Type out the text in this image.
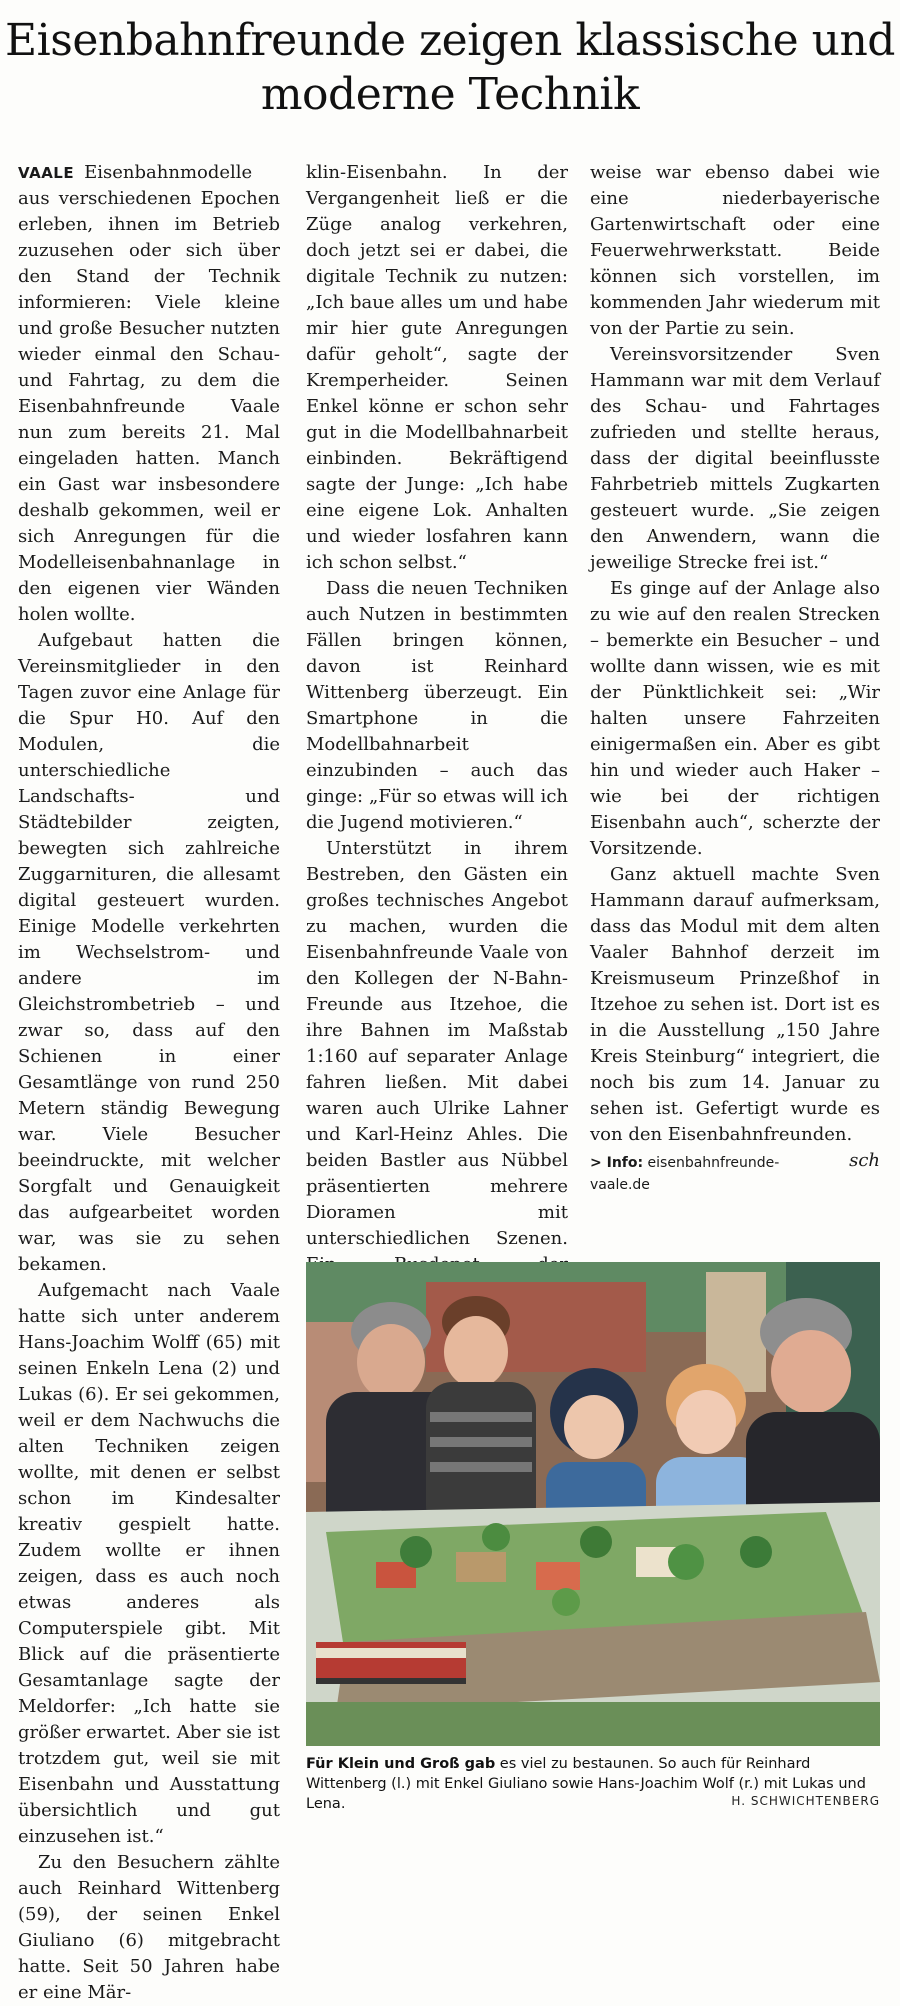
Eisenbahnfreunde zeigen klassische und moderne Technik

VAALE Eisenbahnmodelle aus verschiedenen Epochen erleben, ihnen im Betrieb zuzusehen oder sich über den Stand der Technik informieren: Viele kleine und große Besucher nutzten wieder einmal den Schau- und Fahrtag, zu dem die Eisenbahnfreunde Vaale nun zum bereits 21. Mal eingeladen hatten. Manch ein Gast war insbesondere deshalb gekommen, weil er sich Anregungen für die Modelleisenbahnanlage in den eigenen vier Wänden holen wollte.

Aufgebaut hatten die Vereinsmitglieder in den Tagen zuvor eine Anlage für die Spur H0. Auf den Modulen, die unterschiedliche Landschafts- und Städtebilder zeigten, bewegten sich zahlreiche Zuggarnituren, die allesamt digital gesteuert wurden. Einige Modelle verkehrten im Wechselstrom- und andere im Gleichstrombetrieb – und zwar so, dass auf den Schienen in einer Gesamtlänge von rund 250 Metern ständig Bewegung war. Viele Besucher beeindruckte, mit welcher Sorgfalt und Genauigkeit das aufgearbeitet worden war, was sie zu sehen bekamen.

Aufgemacht nach Vaale hatte sich unter anderem Hans-Joachim Wolff (65) mit seinen Enkeln Lena (2) und Lukas (6). Er sei gekommen, weil er dem Nachwuchs die alten Techniken zeigen wollte, mit denen er selbst schon im Kindesalter kreativ gespielt hatte. Zudem wollte er ihnen zeigen, dass es auch noch etwas anderes als Computerspiele gibt. Mit Blick auf die präsentierte Gesamtanlage sagte der Meldorfer: „Ich hatte sie größer erwartet. Aber sie ist trotzdem gut, weil sie mit Eisenbahn und Ausstattung übersichtlich und gut einzusehen ist.“

Zu den Besuchern zählte auch Reinhard Wittenberg (59), der seinen Enkel Giuliano (6) mitgebracht hatte. Seit 50 Jahren habe er eine Mär-

klin-Eisenbahn. In der Vergangenheit ließ er die Züge analog verkehren, doch jetzt sei er dabei, die digitale Technik zu nutzen: „Ich baue alles um und habe mir hier gute Anregungen dafür geholt“, sagte der Kremperheider. Seinen Enkel könne er schon sehr gut in die Modellbahnarbeit einbinden. Bekräftigend sagte der Junge: „Ich habe eine eigene Lok. Anhalten und wieder losfahren kann ich schon selbst.“

Dass die neuen Techniken auch Nutzen in bestimmten Fällen bringen können, davon ist Reinhard Wittenberg überzeugt. Ein Smartphone in die Modellbahnarbeit einzubinden – auch das ginge: „Für so etwas will ich die Jugend motivieren.“

Unterstützt in ihrem Bestreben, den Gästen ein großes technisches Angebot zu machen, wurden die Eisenbahnfreunde Vaale von den Kollegen der N-Bahn-Freunde aus Itzehoe, die ihre Bahnen im Maßstab 1:160 auf separater Anlage fahren ließen. Mit dabei waren auch Ulrike Lahner und Karl-Heinz Ahles. Die beiden Bastler aus Nübbel präsentierten mehrere Dioramen mit unterschiedlichen Szenen.

weise war ebenso dabei wie eine niederbayerische Gartenwirtschaft oder eine Feuerwehrwerkstatt. Beide können sich vorstellen, im kommenden Jahr wiederum mit von der Partie zu sein.

Vereinsvorsitzender Sven Hammann war mit dem Verlauf des Schau- und Fahrtages zufrieden und stellte heraus, dass der digital beeinflusste Fahrbetrieb mittels Zugkarten gesteuert wurde. „Sie zeigen den Anwendern, wann die jeweilige Strecke frei ist.“

Es ginge auf der Anlage also zu wie auf den realen Strecken – bemerkte ein Besucher – und wollte dann wissen, wie es mit der Pünktlichkeit sei: „Wir halten unsere Fahrzeiten einigermaßen ein. Aber es gibt hin und wieder auch Haker – wie bei der richtigen Eisenbahn auch“, scherzte der Vorsitzende.

Ganz aktuell machte Sven Hammann darauf aufmerksam, dass das Modul mit dem alten Vaaler Bahnhof derzeit im Kreismuseum Prinzeßhof in Itzehoe zu sehen ist. Dort ist es in die Ausstellung „150 Jahre Kreis Steinburg“ integriert, die noch bis zum 14. Januar zu sehen ist. Gefertigt wurde es von den Eisenbahnfreunden.
sch

> Info: eisenbahnfreunde-vaale.de
Für Klein und Groß gab es viel zu bestaunen. So auch für Reinhard Wittenberg (l.) mit Enkel Giuliano sowie Hans-Joachim Wolf (r.) mit Lukas und Lena.	H. SCHWICHTENBERG
